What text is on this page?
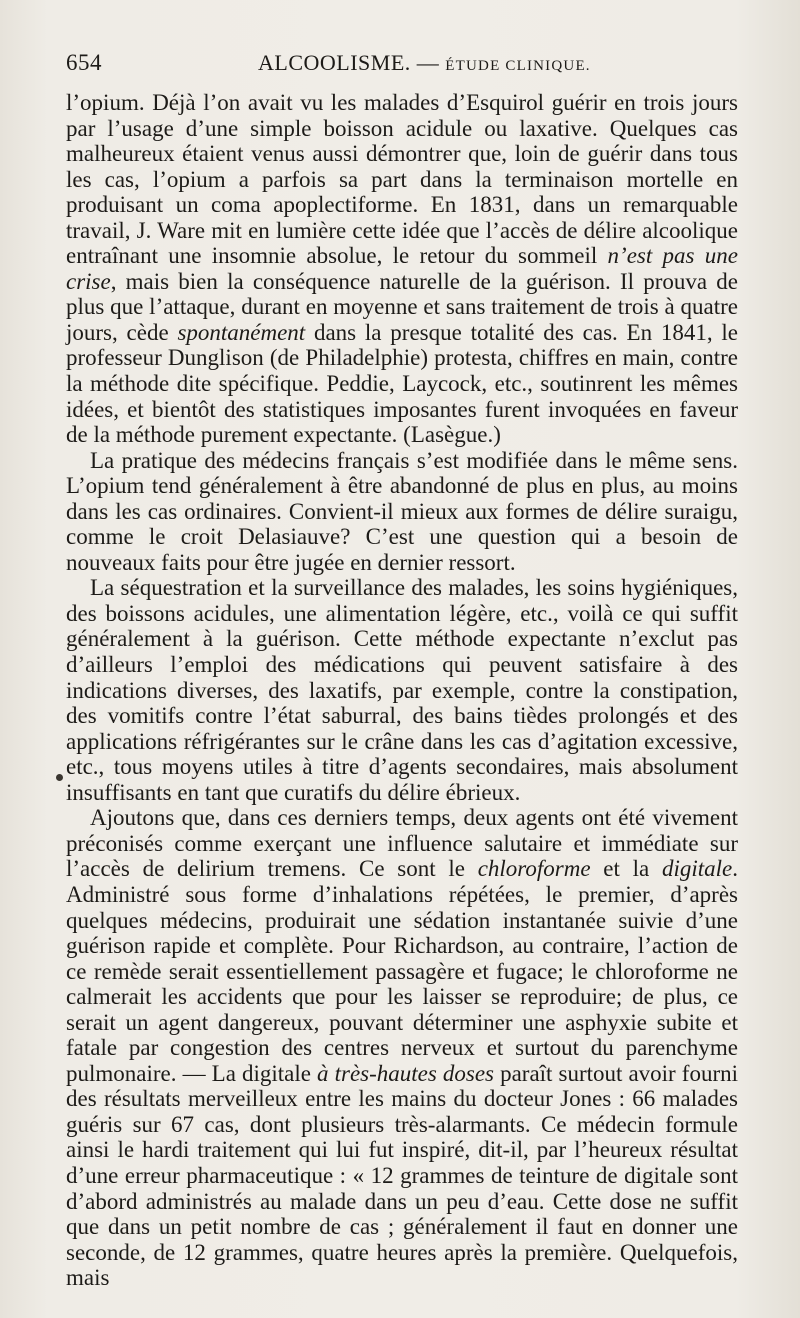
654	ALCOOLISME. — ÉTUDE CLINIQUE.

l’opium. Déjà l’on avait vu les malades d’Esquirol guérir en trois jours par l’usage d’une simple boisson acidule ou laxative. Quelques cas malheureux étaient venus aussi démontrer que, loin de guérir dans tous les cas, l’opium a parfois sa part dans la terminaison mortelle en produisant un coma apoplectiforme. En 1831, dans un remarquable travail, J. Ware mit en lumière cette idée que l’accès de délire alcoolique entraînant une insomnie absolue, le retour du sommeil n’est pas une crise, mais bien la conséquence naturelle de la guérison. Il prouva de plus que l’attaque, durant en moyenne et sans traitement de trois à quatre jours, cède spontanément dans la presque totalité des cas. En 1841, le professeur Dunglison (de Philadelphie) protesta, chiffres en main, contre la méthode dite spécifique. Peddie, Laycock, etc., soutinrent les mêmes idées, et bientôt des statistiques imposantes furent invoquées en faveur de la méthode purement expectante. (Lasègue.)

La pratique des médecins français s’est modifiée dans le même sens. L’opium tend généralement à être abandonné de plus en plus, au moins dans les cas ordinaires. Convient-il mieux aux formes de délire suraigu, comme le croit Delasiauve? C’est une question qui a besoin de nouveaux faits pour être jugée en dernier ressort.

La séquestration et la surveillance des malades, les soins hygiéniques, des boissons acidules, une alimentation légère, etc., voilà ce qui suffit généralement à la guérison. Cette méthode expectante n’exclut pas d’ailleurs l’emploi des médications qui peuvent satisfaire à des indications diverses, des laxatifs, par exemple, contre la constipation, des vomitifs contre l’état saburral, des bains tièdes prolongés et des applications réfrigérantes sur le crâne dans les cas d’agitation excessive, etc., tous moyens utiles à titre d’agents secondaires, mais absolument insuffisants en tant que curatifs du délire ébrieux.

Ajoutons que, dans ces derniers temps, deux agents ont été vivement préconisés comme exerçant une influence salutaire et immédiate sur l’accès de delirium tremens. Ce sont le chloroforme et la digitale. Administré sous forme d’inhalations répétées, le premier, d’après quelques médecins, produirait une sédation instantanée suivie d’une guérison rapide et complète. Pour Richardson, au contraire, l’action de ce remède serait essentiellement passagère et fugace; le chloroforme ne calmerait les accidents que pour les laisser se reproduire; de plus, ce serait un agent dangereux, pouvant déterminer une asphyxie subite et fatale par congestion des centres nerveux et surtout du parenchyme pulmonaire. — La digitale à très-hautes doses paraît surtout avoir fourni des résultats merveilleux entre les mains du docteur Jones : 66 malades guéris sur 67 cas, dont plusieurs très-alarmants. Ce médecin formule ainsi le hardi traitement qui lui fut inspiré, dit-il, par l’heureux résultat d’une erreur pharmaceutique : « 12 grammes de teinture de digitale sont d’abord administrés au malade dans un peu d’eau. Cette dose ne suffit que dans un petit nombre de cas ; généralement il faut en donner une seconde, de 12 grammes, quatre heures après la première. Quelquefois, mais
